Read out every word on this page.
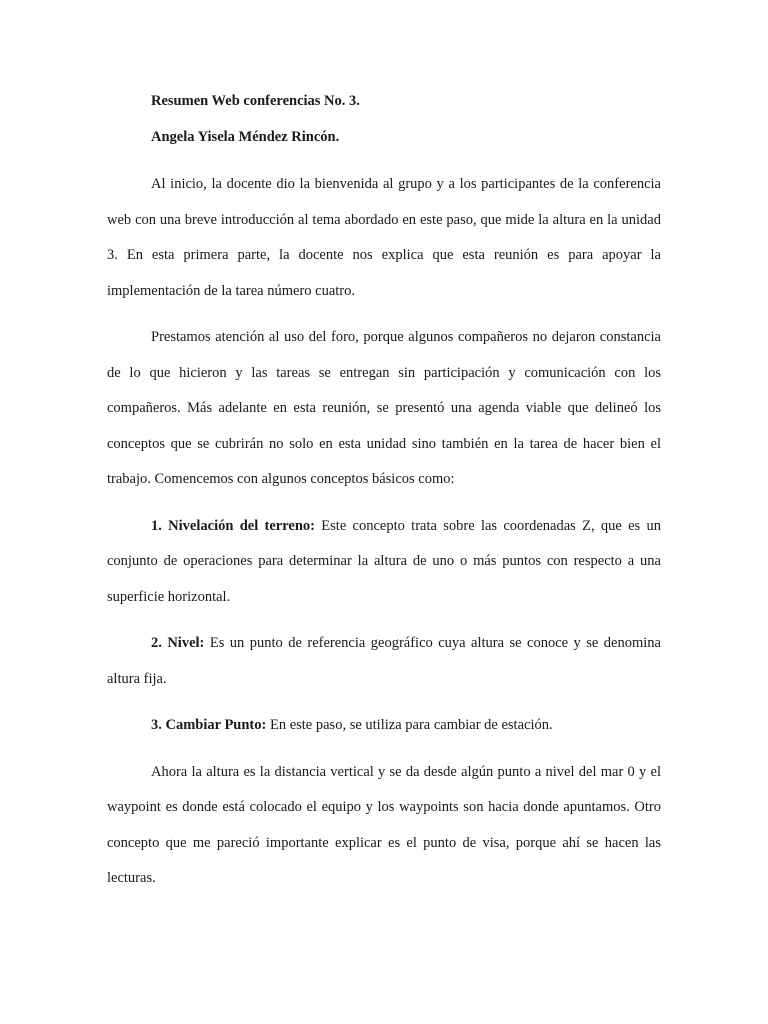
Resumen Web conferencias No. 3.

Angela Yisela Méndez Rincón.

Al inicio, la docente dio la bienvenida al grupo y a los participantes de la conferencia web con una breve introducción al tema abordado en este paso, que mide la altura en la unidad 3. En esta primera parte, la docente nos explica que esta reunión es para apoyar la implementación de la tarea número cuatro.

Prestamos atención al uso del foro, porque algunos compañeros no dejaron constancia de lo que hicieron y las tareas se entregan sin participación y comunicación con los compañeros. Más adelante en esta reunión, se presentó una agenda viable que delineó los conceptos que se cubrirán no solo en esta unidad sino también en la tarea de hacer bien el trabajo. Comencemos con algunos conceptos básicos como:

1. Nivelación del terreno: Este concepto trata sobre las coordenadas Z, que es un conjunto de operaciones para determinar la altura de uno o más puntos con respecto a una superficie horizontal.

2. Nivel: Es un punto de referencia geográfico cuya altura se conoce y se denomina altura fija.

3. Cambiar Punto: En este paso, se utiliza para cambiar de estación.

Ahora la altura es la distancia vertical y se da desde algún punto a nivel del mar 0 y el waypoint es donde está colocado el equipo y los waypoints son hacia donde apuntamos. Otro concepto que me pareció importante explicar es el punto de visa, porque ahí se hacen las lecturas.
